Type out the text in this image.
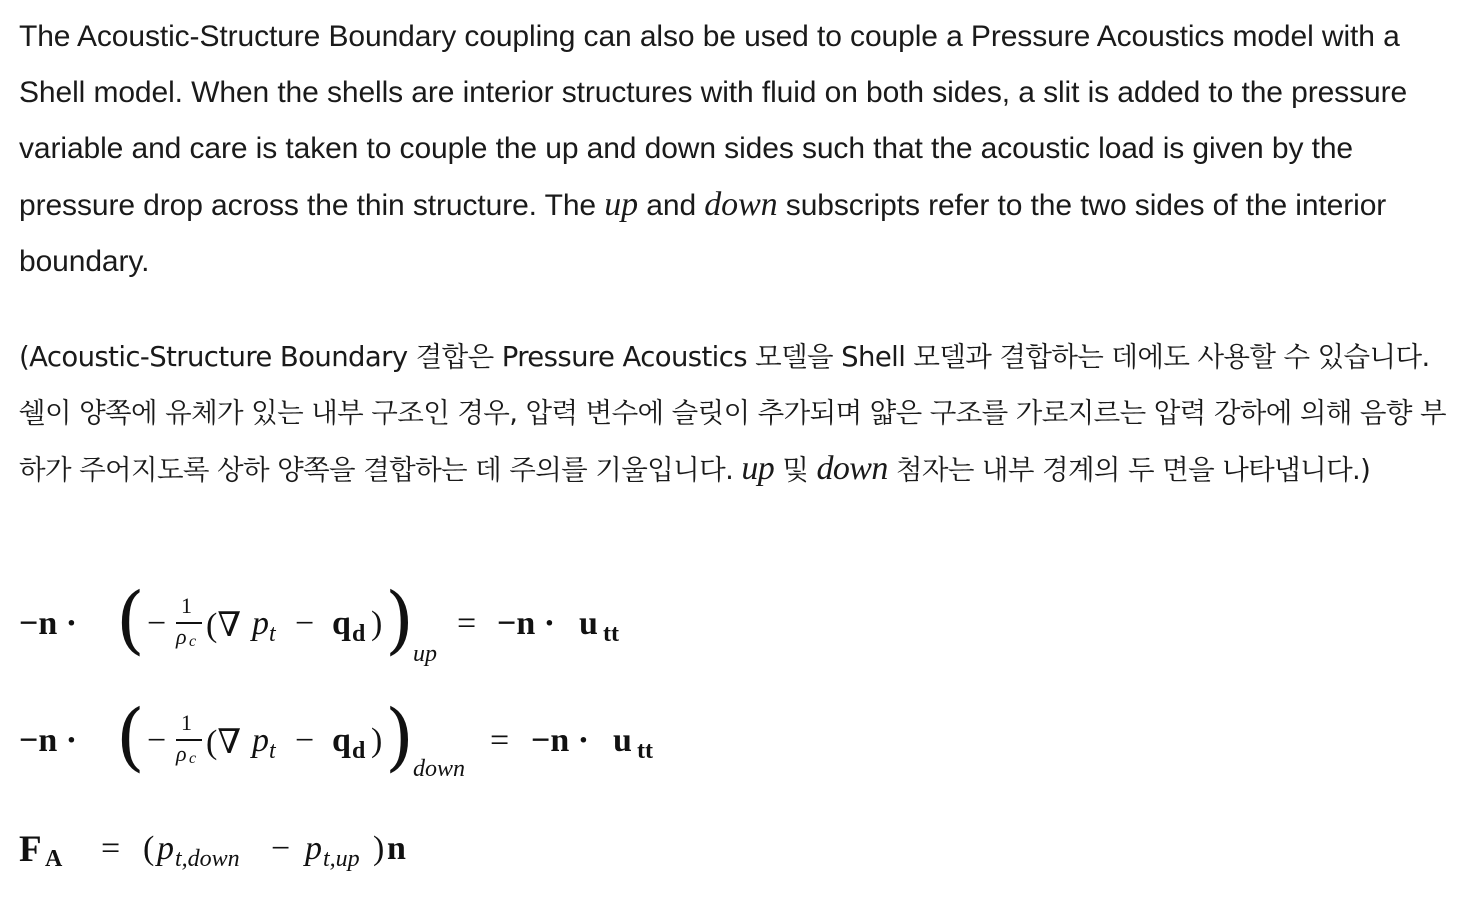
The Acoustic-Structure Boundary coupling can also be used to couple a Pressure Acoustics model with a Shell model. When the shells are interior structures with fluid on both sides, a slit is added to the pressure variable and care is taken to couple the up and down sides such that the acoustic load is given by the pressure drop across the thin structure. The up and down subscripts refer to the two sides of the interior boundary.

(Acoustic-Structure Boundary 결합은 Pressure Acoustics 모델을 Shell 모델과 결합하는 데에도 사용할 수 있습니다. 쉘이 양쪽에 유체가 있는 내부 구조인 경우, 압력 변수에 슬릿이 추가되며 얇은 구조를 가로지르는 압력 강하에 의해 음향 부하가 주어지도록 상하 양쪽을 결합하는 데 주의를 기울입니다. up 및 down 첨자는 내부 경계의 두 면을 나타냅니다.)

−n · ( − 1
ρ c (∇ p t − q d ) ) up
= −n · u tt
−n · ( − 1
ρ c (∇ p t − q d ) ) down
= −n · u tt
F A = ( p t,down − p t,up ) n
